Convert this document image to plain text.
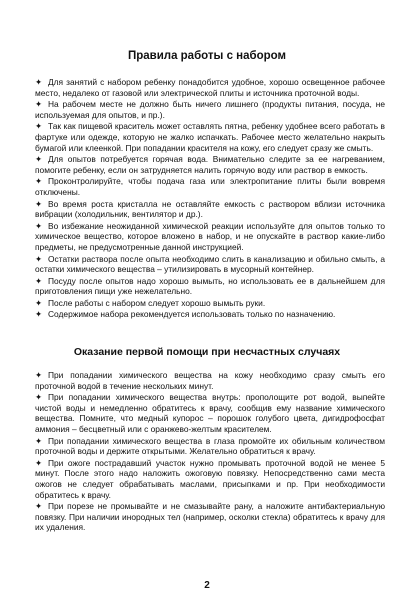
Правила работы с набором

✦ Для занятий с набором ребенку понадобится удобное, хорошо освещенное рабочее место, недалеко от газовой или электрической плиты и источника проточной воды.

✦ На рабочем месте не должно быть ничего лишнего (продукты питания, посуда, не используемая для опытов, и пр.).

✦ Так как пищевой краситель может оставлять пятна, ребенку удобнее всего работать в фартуке или одежде, которую не жалко испачкать. Рабочее место желательно накрыть бумагой или клеенкой. При попадании красителя на кожу, его следует сразу же смыть.

✦ Для опытов потребуется горячая вода. Внимательно следите за ее нагреванием, помогите ребенку, если он затрудняется налить горячую воду или раствор в емкость.

✦ Проконтролируйте, чтобы подача газа или электропитание плиты были вовремя отключены.

✦ Во время роста кристалла не оставляйте емкость с раствором вблизи источника вибрации (холодильник, вентилятор и др.).

✦ Во избежание неожиданной химической реакции используйте для опытов только то химическое вещество, которое вложено в набор, и не опускайте в раствор какие-либо предметы, не предусмотренные данной инструкцией.

✦ Остатки раствора после опыта необходимо слить в канализацию и обильно смыть, а остатки химического вещества – утилизировать в мусорный контейнер.

✦ Посуду после опытов надо хорошо вымыть, но использовать ее в дальнейшем для приготовления пищи уже нежелательно.

✦ После работы с набором следует хорошо вымыть руки.

✦ Содержимое набора рекомендуется использовать только по назначению.

Оказание первой помощи при несчастных случаях

✦ При попадании химического вещества на кожу необходимо сразу смыть его проточной водой в течение нескольких минут.

✦ При попадании химического вещества внутрь: прополощите рот водой, выпейте чистой воды и немедленно обратитесь к врачу, сообщив ему название химического вещества. Помните, что медный купорос – порошок голубого цвета, дигидрофосфат аммония – бесцветный или с оранжево-желтым красителем.

✦ При попадании химического вещества в глаза промойте их обильным количеством проточной воды и держите открытыми. Желательно обратиться к врачу.

✦ При ожоге пострадавший участок нужно промывать проточной водой не менее 5 минут. После этого надо наложить ожоговую повязку. Непосредственно сами места ожогов не следует обрабатывать маслами, присыпками и пр. При необходимости обратитесь к врачу.

✦ При порезе не промывайте и не смазывайте рану, а наложите антибактериальную повязку. При наличии инородных тел (например, осколки стекла) обратитесь к врачу для их удаления.

2
